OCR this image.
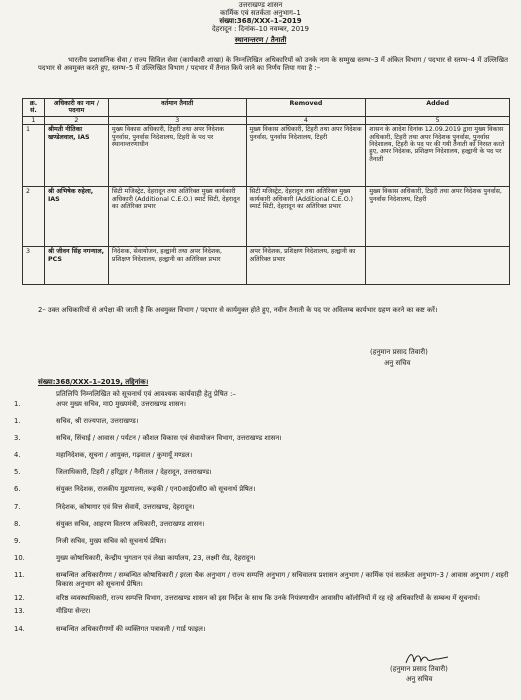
उत्तराखण्ड शासन
कार्मिक एवं सतर्कता अनुभाग–1
संख्या:368/XXX–1–2019
देहरादून : दिनांक–10 नवम्बर, 2019
स्थानान्तरण / तैनाती
भारतीय प्रशासनिक सेवा / राज्य सिविल सेवा (कार्यकारी शाखा) के निम्नलिखित अधिकारियों को उनके नाम के सम्मुख स्तम्भ–3 में अंकित विभाग / पदभार से स्तम्भ–4 में उल्लिखित पदभार से अवमुक्त करते हुए, स्तम्भ–5 में उल्लिखित विभाग / पदभार में तैनात किये जाने का निर्णय लिया गया है :–
क्र. सं.	अधिकारी का नाम / पदनाम	वर्तमान तैनाती	Removed	Added
1	2	3	4	5
1	श्रीमती नीतिका खण्डेलवाल, IAS	मुख्य विकास अधिकारी, टिहरी तथा अपर निदेशक पुनर्वास, पुनर्वास निदेशालय, टिहरी के पद पर स्थानान्तरणाधीन	मुख्य विकास अधिकारी, टिहरी तथा अपर निदेशक पुनर्वास, पुनर्वास निदेशालय, टिहरी	शासन के आदेश दिनांक 12.09.2019 द्वारा मुख्य विकास अधिकारी, टिहरी तथा अपर निदेशक पुनर्वास, पुनर्वास निदेशालय, टिहरी के पद पर की गयी तैनाती को निरस्त करते हुए, अपर निदेशक, प्रशिक्षण निदेशालय, हल्द्वानी के पद पर तैनाती
2	श्री अभिषेक रुहेला, IAS	सिटी मजिस्ट्रेट, देहरादून तथा अतिरिक्त मुख्य कार्यकारी अधिकारी (Additional C.E.O.) स्मार्ट सिटी, देहरादून का अतिरिक्त प्रभार	सिटी मजिस्ट्रेट, देहरादून तथा अतिरिक्त मुख्य कार्यकारी अधिकारी (Additional C.E.O.) स्मार्ट सिटी, देहरादून का अतिरिक्त प्रभार	मुख्य विकास अधिकारी, टिहरी तथा अपर निदेशक पुनर्वास, पुनर्वास निदेशालय, टिहरी
3	श्री जीवन सिंह नगन्याल, PCS	निदेशक, सेवायोजन, हल्द्वानी तथा अपर निदेशक, प्रशिक्षण निदेशालय, हल्द्वानी का अतिरिक्त प्रभार	अपर निदेशक, प्रशिक्षण निदेशालय, हल्द्वानी का अतिरिक्त प्रभार	
2– उक्त अधिकारियों से अपेक्षा की जाती है कि अवमुक्त विभाग / पदभार से कार्यमुक्त होते हुए, नवीन तैनाती के पद पर अविलम्ब कार्यभार ग्रहण करने का कष्ट करें।
(हनुमान प्रसाद तिवारी)
अनु सचिव
संख्या:368/XXX–1–2019, तद्दिनांक।
प्रतिलिपि निम्नलिखित को सूचनार्थ एवं आवश्यक कार्यवाही हेतु प्रेषित :–
1.	अपर मुख्य सचिव, मा0 मुख्यमंत्री, उत्तराखण्ड शासन।
1.	सचिव, श्री राज्यपाल, उत्तराखण्ड।
3.	सचिव, सिंचाई / आवास / पर्यटन / कौशल विकास एवं सेवायोजन विभाग, उत्तराखण्ड शासन।
4.	महानिदेशक, सूचना / आयुक्त, गढ़वाल / कुमायूँ मण्डल।
5.	जिलाधिकारी, टिहरी / हरिद्वार / नैनीताल / देहरादून, उत्तराखण्ड।
6.	संयुक्त निदेशक, राजकीय मुद्रणालय, रूड़की / एन0आई0सी0 को सूचनार्थ प्रेषित।
7.	निदेशक, कोषागार एवं वित्त सेवायें, उत्तराखण्ड, देहरादून।
8.	संयुक्त सचिव, आहरण वितरण अधिकारी, उत्तराखण्ड शासन।
9.	निजी सचिव, मुख्य सचिव को सूचनार्थ प्रेषित।
10.	मुख्य कोषाधिकारी, केन्द्रीय भुगतान एवं लेखा कार्यालय, 23, लक्ष्मी रोड, देहरादून।
11.	सम्बन्धित अधिकारीगण / सम्बन्धित कोषाधिकारी / इरला चैक अनुभाग / राज्य सम्पत्ति अनुभाग / सचिवालय प्रशासन अनुभाग / कार्मिक एवं सतर्कता अनुभाग–3 / आवास अनुभाग / शहरी विकास अनुभाग को सूचनार्थ प्रेषित।
12.	वरिष्ठ व्यवस्थाधिकारी, राज्य सम्पत्ति विभाग, उत्तराखण्ड शासन को इस निर्देश के साथ कि उनके नियंत्रणाधीन आवासीय कॉलोनियों में रह रहे अधिकारियों के सम्बन्ध में सूचनार्थ।
13.	मीडिया सेन्टर।
14.	सम्बन्धित अधिकारीगणों की व्यक्तिगत पत्रावली / गार्ड फाइल।
(हनुमान प्रसाद तिवारी)
अनु सचिव
